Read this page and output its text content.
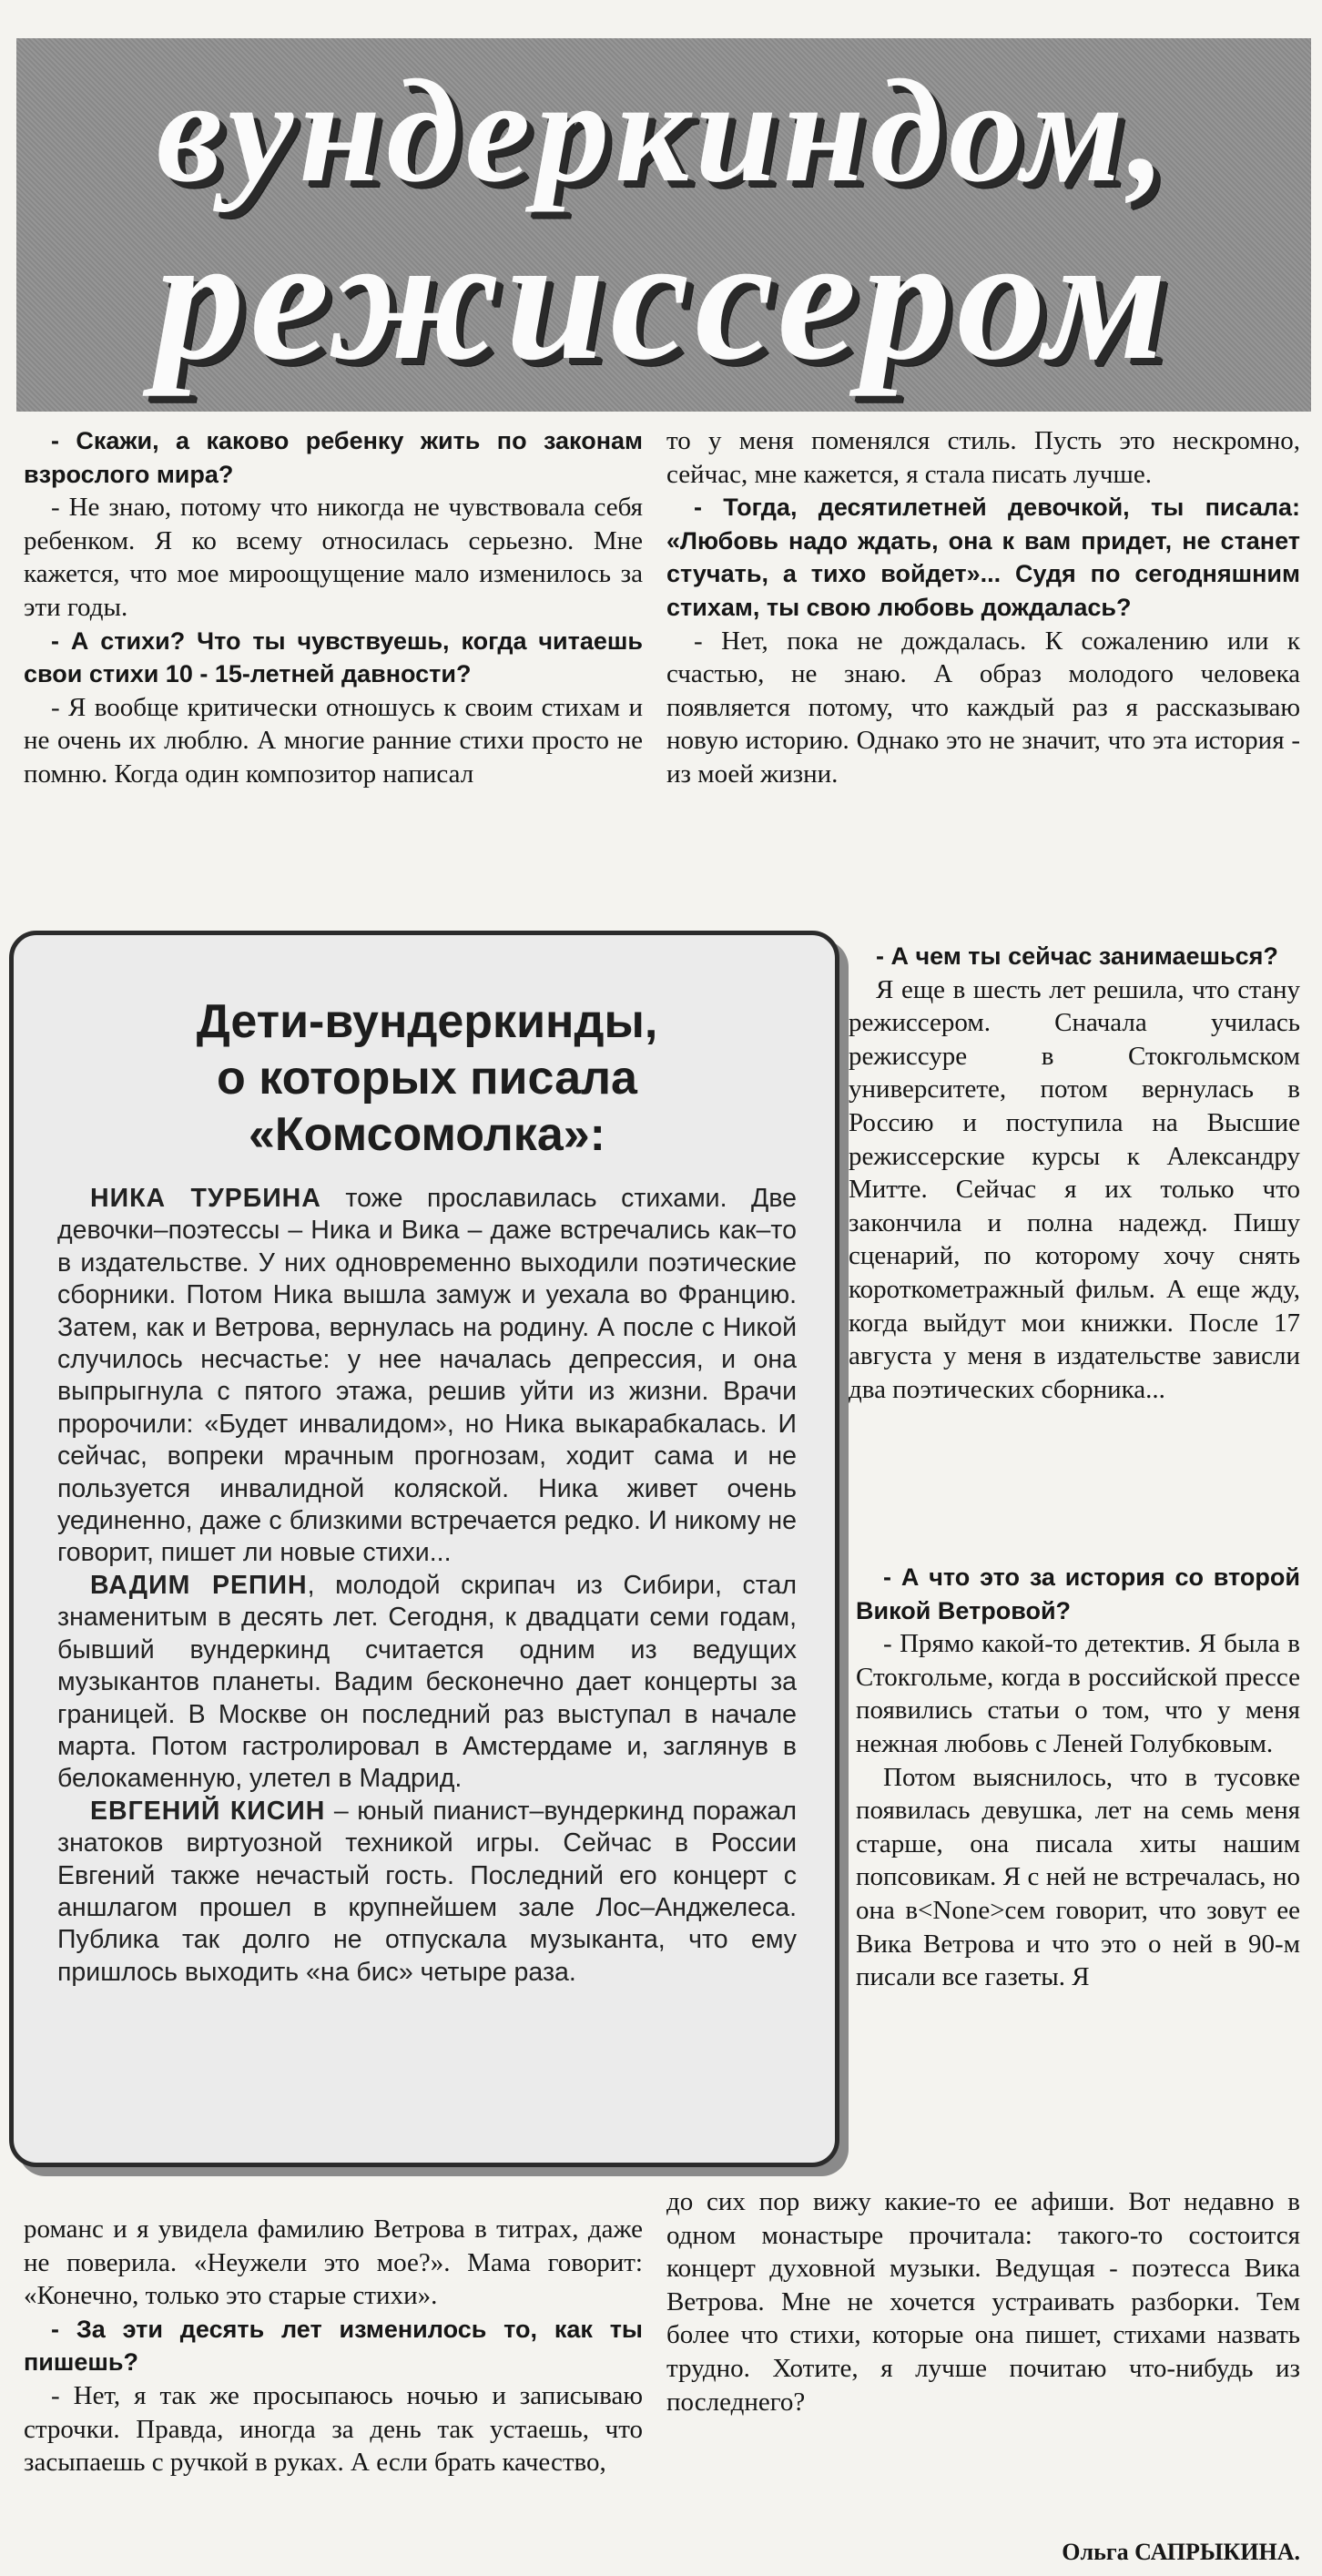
вундеркиндом,
режиссером

- Скажи, а каково ребенку жить по законам взрослого мира?

- Не знаю, потому что никогда не чувствовала себя ребенком. Я ко всему относилась серьезно. Мне кажется, что мое мироощущение мало изменилось за эти годы.

- А стихи? Что ты чувствуешь, когда читаешь свои стихи 10 - 15-летней давности?

- Я вообще критически отношусь к своим стихам и не очень их люблю. А многие ранние стихи просто не помню. Когда один композитор написал

Дети-вундеркинды,
о которых писала
«Комсомолка»:

НИКА ТУРБИНА тоже прославилась стихами. Две девочки–поэтессы – Ника и Вика – даже встречались как–то в издательстве. У них одновременно выходили поэтические сборники. Потом Ника вышла замуж и уехала во Францию. Затем, как и Ветрова, вернулась на родину. А после с Никой случилось несчастье: у нее началась депрессия, и она выпрыгнула с пятого этажа, решив уйти из жизни. Врачи пророчили: «Будет инвалидом», но Ника выкарабкалась. И сейчас, вопреки мрачным прогнозам, ходит сама и не пользуется инвалидной коляской. Ника живет очень уединенно, даже с близкими встречается редко. И никому не говорит, пишет ли новые стихи...

ВАДИМ РЕПИН, молодой скрипач из Сибири, стал знаменитым в десять лет. Сегодня, к двадцати семи годам, бывший вундеркинд считается одним из ведущих музыкантов планеты. Вадим бесконечно дает концерты за границей. В Москве он последний раз выступал в начале марта. Потом гастролировал в Амстердаме и, заглянув в белокаменную, улетел в Мадрид.

ЕВГЕНИЙ КИСИН – юный пианист–вундеркинд поражал знатоков виртуозной техникой игры. Сейчас в России Евгений также нечастый гость. Последний его концерт с аншлагом прошел в крупнейшем зале Лос–Анджелеса. Публика так долго не отпускала музыканта, что ему пришлось выходить «на бис» четыре раза.

романс и я увидела фамилию Ветрова в титрах, даже не поверила. «Неужели это мое?». Мама говорит: «Конечно, только это старые стихи».

- За эти десять лет изменилось то, как ты пишешь?

- Нет, я так же просыпаюсь ночью и записываю строчки. Правда, иногда за день так устаешь, что засыпаешь с ручкой в руках. А если брать качество,

то у меня поменялся стиль. Пусть это нескромно, сейчас, мне кажется, я стала писать лучше.

- Тогда, десятилетней девочкой, ты писала: «Любовь надо ждать, она к вам придет, не станет стучать, а тихо войдет»... Судя по сегодняшним стихам, ты свою любовь дождалась?

- Нет, пока не дождалась. К сожалению или к счастью, не знаю. А образ молодого человека появляется потому, что каждый раз я рассказываю новую историю. Однако это не значит, что эта история - из моей жизни.

- А чем ты сейчас занимаешься?

Я еще в шесть лет решила, что стану режиссером. Сначала училась режиссуре в Стокгольмском университете, потом вернулась в Россию и поступила на Высшие режиссерские курсы к Александру Митте. Сейчас я их только что закончила и полна надежд. Пишу сценарий, по которому хочу снять короткометражный фильм. А еще жду, когда выйдут мои книжки. После 17 августа у меня в издательстве зависли два поэтических сборника...

- А что это за история со второй Викой Ветровой?

- Прямо какой-то детектив. Я была в Стокгольме, когда в российской прессе появились статьи о том, что у меня нежная любовь с Леней Голубковым.

Потом выяснилось, что в тусовке появилась девушка, лет на семь меня старше, она писала хиты нашим попсовикам. Я с ней не встречалась, но она в<None>сем говорит, что зовут ее Вика Ветрова и что это о ней в 90-м писали все газеты. Я

до сих пор вижу какие-то ее афиши. Вот недавно в одном монастыре прочитала: такого-то состоится концерт духовной музыки. Ведущая - поэтесса Вика Ветрова. Мне не хочется устраивать разборки. Тем более что стихи, которые она пишет, стихами назвать трудно. Хотите, я лучше почитаю что-нибудь из последнего?

Ольга САПРЫКИНА.
